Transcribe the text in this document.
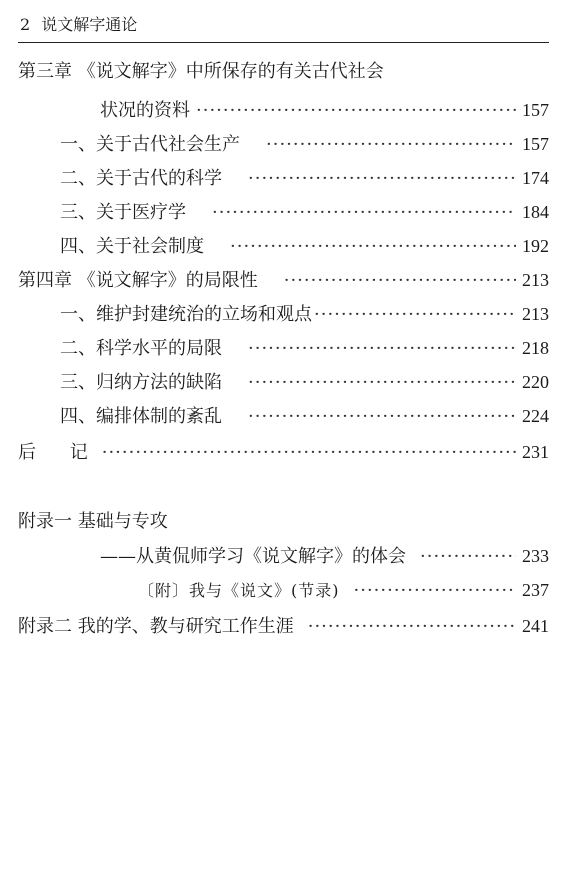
2 说文解字通论
第三章 《说文解字》中所保存的有关古代社会
状况的资料 ·····	157
一、关于古代社会生产 ·····	157
二、关于古代的科学 ·····	174
三、关于医疗学 ·····	184
四、关于社会制度 ·····	192
第四章 《说文解字》的局限性 ·····	213
一、维护封建统治的立场和观点 ·····	213
二、科学水平的局限 ·····	218
三、归纳方法的缺陷 ·····	220
四、编排体制的紊乱 ·····	224
后 记 ·····	231
附录一 基础与专攻
——从黄侃师学习《说文解字》的体会 ·····	233
〔附〕我与《说文》(节录) ·····	237
附录二 我的学、教与研究工作生涯 ·····	241
